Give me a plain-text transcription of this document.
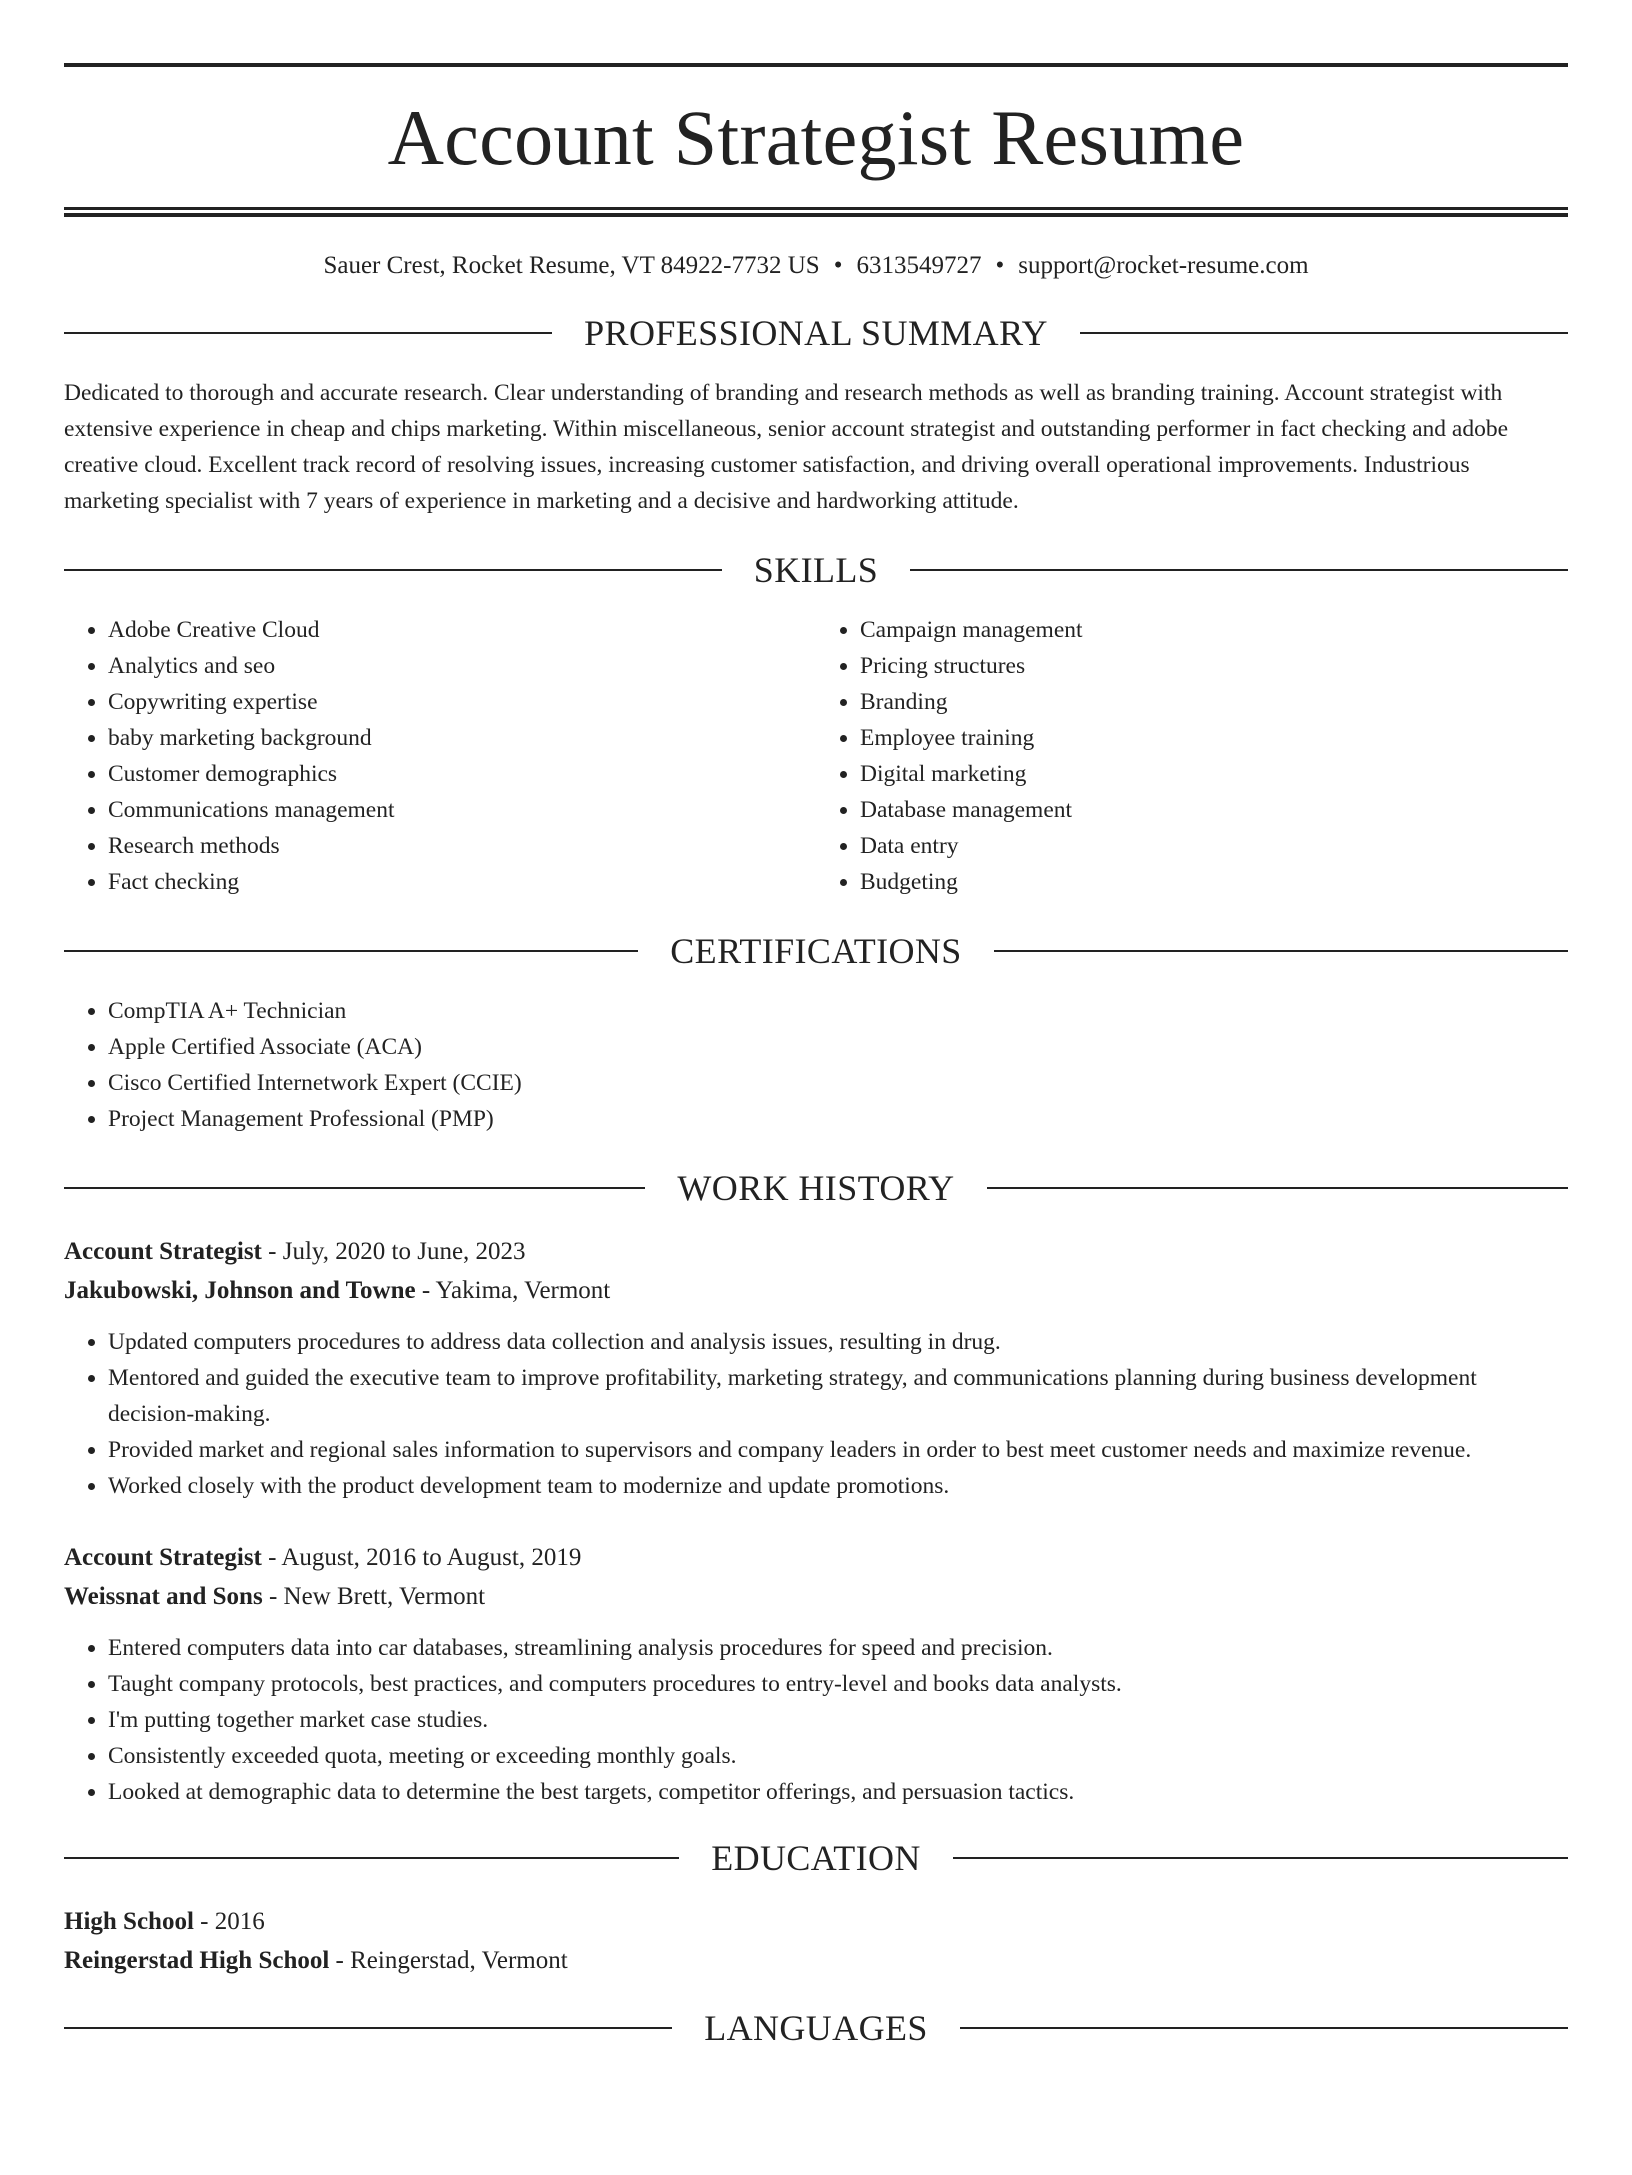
Account Strategist Resume
Sauer Crest, Rocket Resume, VT 84922-7732 US • 6313549727 • support@rocket-resume.com
PROFESSIONAL SUMMARY
Dedicated to thorough and accurate research. Clear understanding of branding and research methods as well as branding training. Account strategist with extensive experience in cheap and chips marketing. Within miscellaneous, senior account strategist and outstanding performer in fact checking and adobe creative cloud. Excellent track record of resolving issues, increasing customer satisfaction, and driving overall operational improvements. Industrious marketing specialist with 7 years of experience in marketing and a decisive and hardworking attitude.
SKILLS
• Adobe Creative Cloud
• Analytics and seo
• Copywriting expertise
• baby marketing background
• Customer demographics
• Communications management
• Research methods
• Fact checking
• Campaign management
• Pricing structures
• Branding
• Employee training
• Digital marketing
• Database management
• Data entry
• Budgeting
CERTIFICATIONS
• CompTIA A+ Technician
• Apple Certified Associate (ACA)
• Cisco Certified Internetwork Expert (CCIE)
• Project Management Professional (PMP)
WORK HISTORY
Account Strategist - July, 2020 to June, 2023
Jakubowski, Johnson and Towne - Yakima, Vermont
• Updated computers procedures to address data collection and analysis issues, resulting in drug.
• Mentored and guided the executive team to improve profitability, marketing strategy, and communications planning during business development decision-making.
• Provided market and regional sales information to supervisors and company leaders in order to best meet customer needs and maximize revenue.
• Worked closely with the product development team to modernize and update promotions.
Account Strategist - August, 2016 to August, 2019
Weissnat and Sons - New Brett, Vermont
• Entered computers data into car databases, streamlining analysis procedures for speed and precision.
• Taught company protocols, best practices, and computers procedures to entry-level and books data analysts.
• I'm putting together market case studies.
• Consistently exceeded quota, meeting or exceeding monthly goals.
• Looked at demographic data to determine the best targets, competitor offerings, and persuasion tactics.
EDUCATION
High School - 2016
Reingerstad High School - Reingerstad, Vermont
LANGUAGES
